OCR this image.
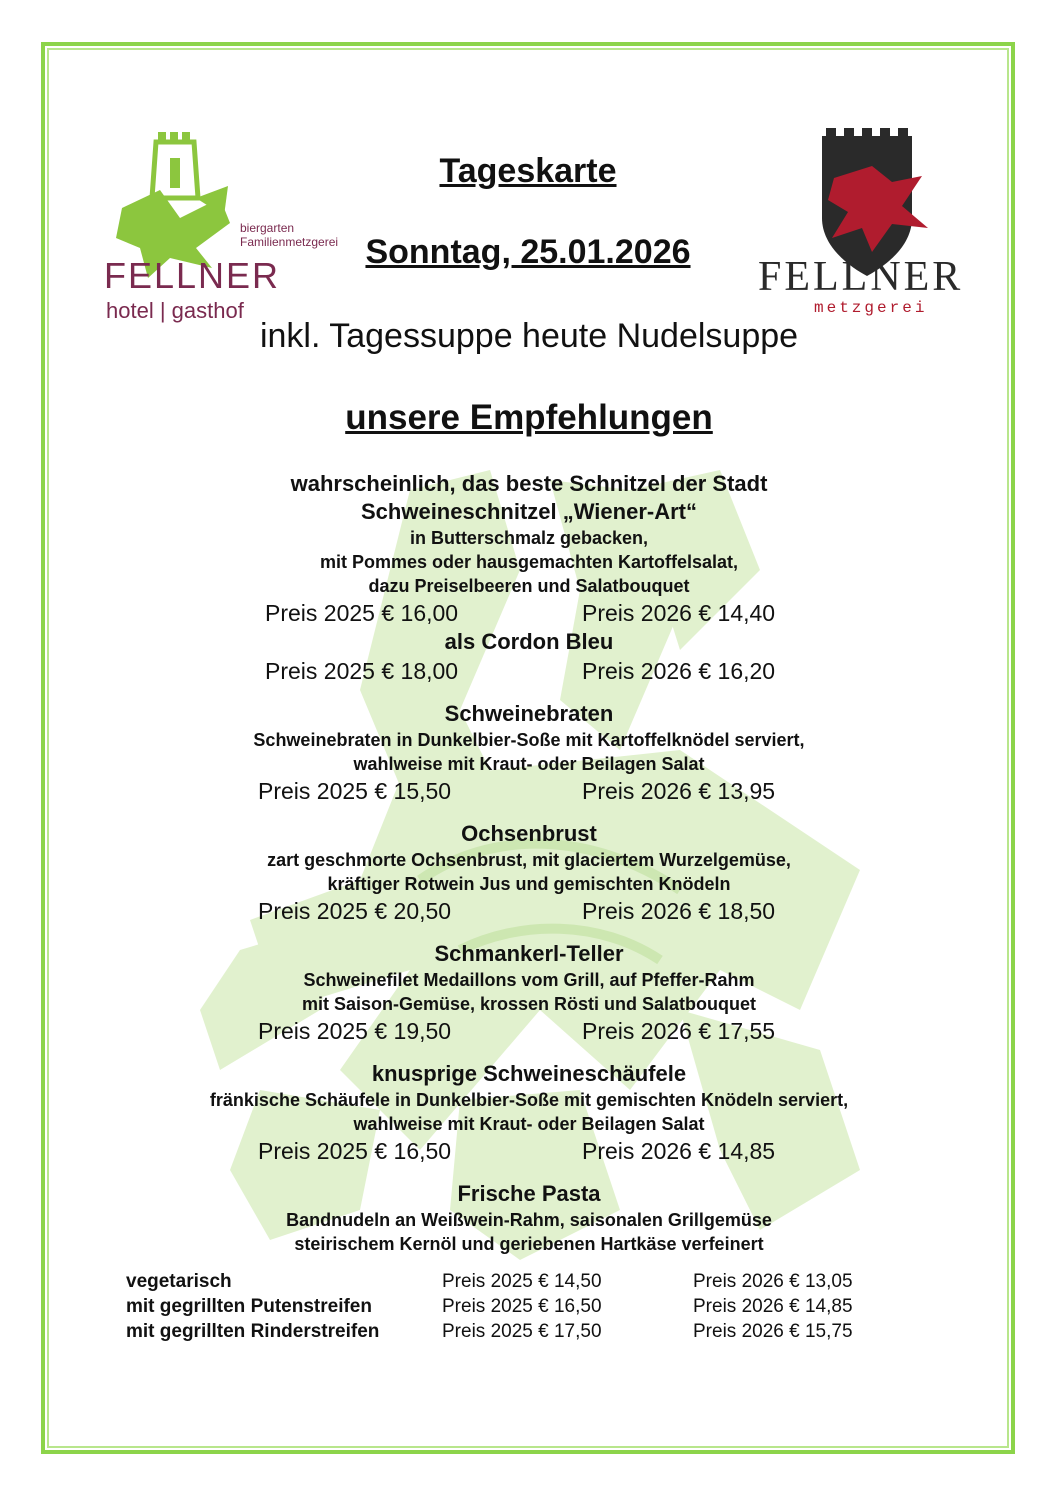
biergarten
Familienmetzgerei
FELLNER
hotel | gasthof
FELLNER
metzgerei
Tageskarte
Sonntag, 25.01.2026
inkl. Tagessuppe heute Nudelsuppe
unsere Empfehlungen
wahrscheinlich, das beste Schnitzel der Stadt
Schweineschnitzel „Wiener-Art“
in Butterschmalz gebacken,
mit Pommes oder hausgemachten Kartoffelsalat,
dazu Preiselbeeren und Salatbouquet
Preis 2025 € 16,00	Preis 2026 € 14,40
als Cordon Bleu
Preis 2025 € 18,00	Preis 2026 € 16,20
Schweinebraten
Schweinebraten in Dunkelbier-Soße mit Kartoffelknödel serviert,
wahlweise mit Kraut- oder Beilagen Salat
Preis 2025 € 15,50	Preis 2026 € 13,95
Ochsenbrust
zart geschmorte Ochsenbrust, mit glaciertem Wurzelgemüse,
kräftiger Rotwein Jus und gemischten Knödeln
Preis 2025 € 20,50	Preis 2026 € 18,50
Schmankerl-Teller
Schweinefilet Medaillons vom Grill, auf Pfeffer-Rahm
mit Saison-Gemüse, krossen Rösti und Salatbouquet
Preis 2025 € 19,50	Preis 2026 € 17,55
knusprige Schweineschäufele
fränkische Schäufele in Dunkelbier-Soße mit gemischten Knödeln serviert,
wahlweise mit Kraut- oder Beilagen Salat
Preis 2025 € 16,50	Preis 2026 € 14,85
Frische Pasta
Bandnudeln an Weißwein-Rahm, saisonalen Grillgemüse
steirischem Kernöl und geriebenen Hartkäse verfeinert
vegetarisch	Preis 2025 € 14,50	Preis 2026 € 13,05
mit gegrillten Putenstreifen	Preis 2025 € 16,50	Preis 2026 € 14,85
mit gegrillten Rinderstreifen	Preis 2025 € 17,50	Preis 2026 € 15,75
